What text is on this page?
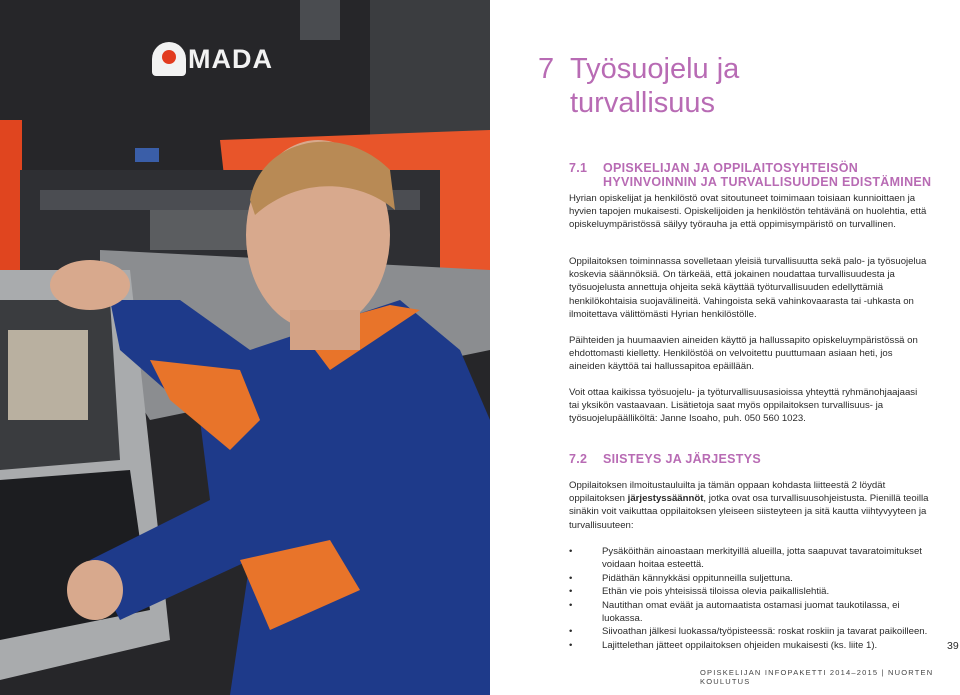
MADA	7 Työsuojelu ja turvallisuus
7.1 OPISKELIJAN JA OPPILAITOSYHTEISÖN
HYVINVOINNIN JA TURVALLISUUDEN EDISTÄMINEN

Hyrian opiskelijat ja henkilöstö ovat sitoutuneet toimimaan toisiaan kunnioittaen ja hyvien tapojen mukaisesti. Opiskelijoiden ja henkilöstön tehtävänä on huolehtia, että opiskeluympäristössä säilyy työrauha ja että oppimisympäristö on turvallinen.

Oppilaitoksen toiminnassa sovelletaan yleisiä turvallisuutta sekä palo- ja työsuojelua koskevia säännöksiä. On tärkeää, että jokainen noudattaa turvallisuudesta ja työsuojelusta annettuja ohjeita sekä käyttää työturvallisuuden edellyttämiä henkilökohtaisia suojavälineitä. Vahingoista sekä vahinkovaarasta tai -uhkasta on ilmoitettava välittömästi Hyrian henkilöstölle.

Päihteiden ja huumaavien aineiden käyttö ja hallussapito opiskeluympäristössä on ehdottomasti kielletty. Henkilöstöä on velvoitettu puuttumaan asiaan heti, jos aineiden käyttöä tai hallussapitoa epäillään.

Voit ottaa kaikissa työsuojelu- ja työturvallisuusasioissa yhteyttä ryhmänohjaajaasi tai yksikön vastaavaan. Lisätietoja saat myös oppilaitoksen turvallisuus- ja työsuojelupäälliköltä: Janne Isoaho, puh. 050 560 1023.

7.2 SIISTEYS JA JÄRJESTYS

Oppilaitoksen ilmoitustauluilta ja tämän oppaan kohdasta liitteestä 2 löydät oppilaitoksen järjestyssäännöt, jotka ovat osa turvallisuusohjeistusta. Pienillä teoilla sinäkin voit vaikuttaa oppilaitoksen yleiseen siisteyteen ja sitä kautta viihtyvyyteen ja turvallisuuteen:

•	Pysäköithän ainoastaan merkityillä alueilla, jotta saapuvat tavaratoimitukset voidaan hoitaa esteettä.
•	Pidäthän kännykkäsi oppitunneilla suljettuna.
•	Ethän vie pois yhteisissä tiloissa olevia paikallislehtiä.
•	Nautithan omat eväät ja automaatista ostamasi juomat taukotilassa, ei luokassa.
•	Siivoathan jälkesi luokassa/työpisteessä: roskat roskiin ja tavarat paikoilleen.
•	Lajittelethan jätteet oppilaitoksen ohjeiden mukaisesti (ks. liite 1).	39
OPISKELIJAN INFOPAKETTI 2014–2015 | NUORTEN KOULUTUS
